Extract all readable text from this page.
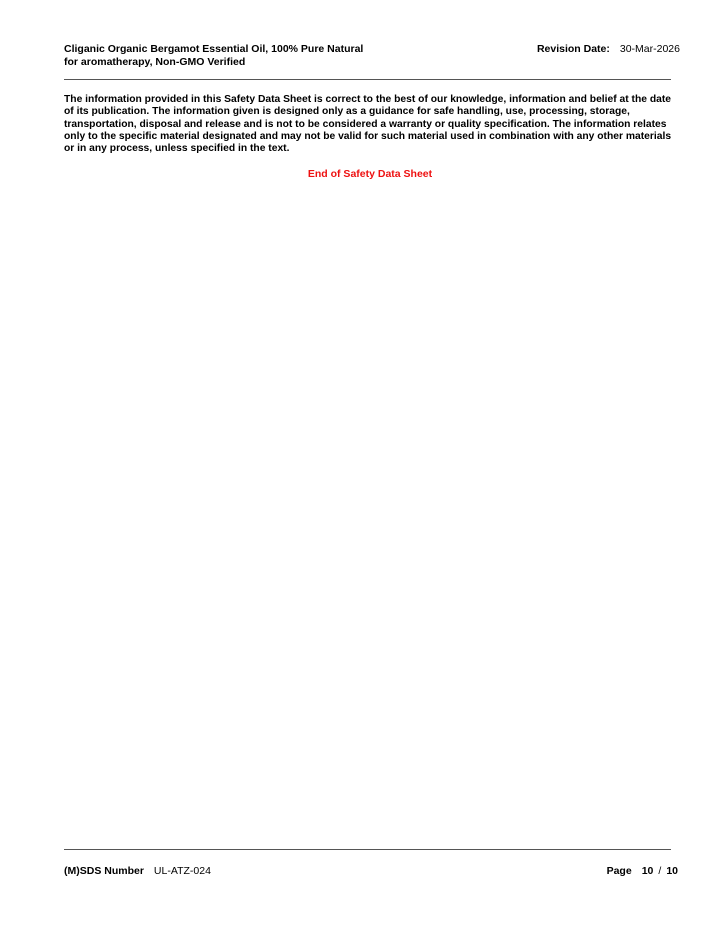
Cliganic Organic Bergamot Essential Oil, 100% Pure Natural
for aromatherapy, Non-GMO Verified
Revision Date: 30-Mar-2026

The information provided in this Safety Data Sheet is correct to the best of our knowledge, information and belief at the date of its publication. The information given is designed only as a guidance for safe handling, use, processing, storage, transportation, disposal and release and is not to be considered a warranty or quality specification. The information relates only to the specific material designated and may not be valid for such material used in combination with any other materials or in any process, unless specified in the text.

End of Safety Data Sheet
(M)SDS Number UL-ATZ-024	Page 10 / 10
